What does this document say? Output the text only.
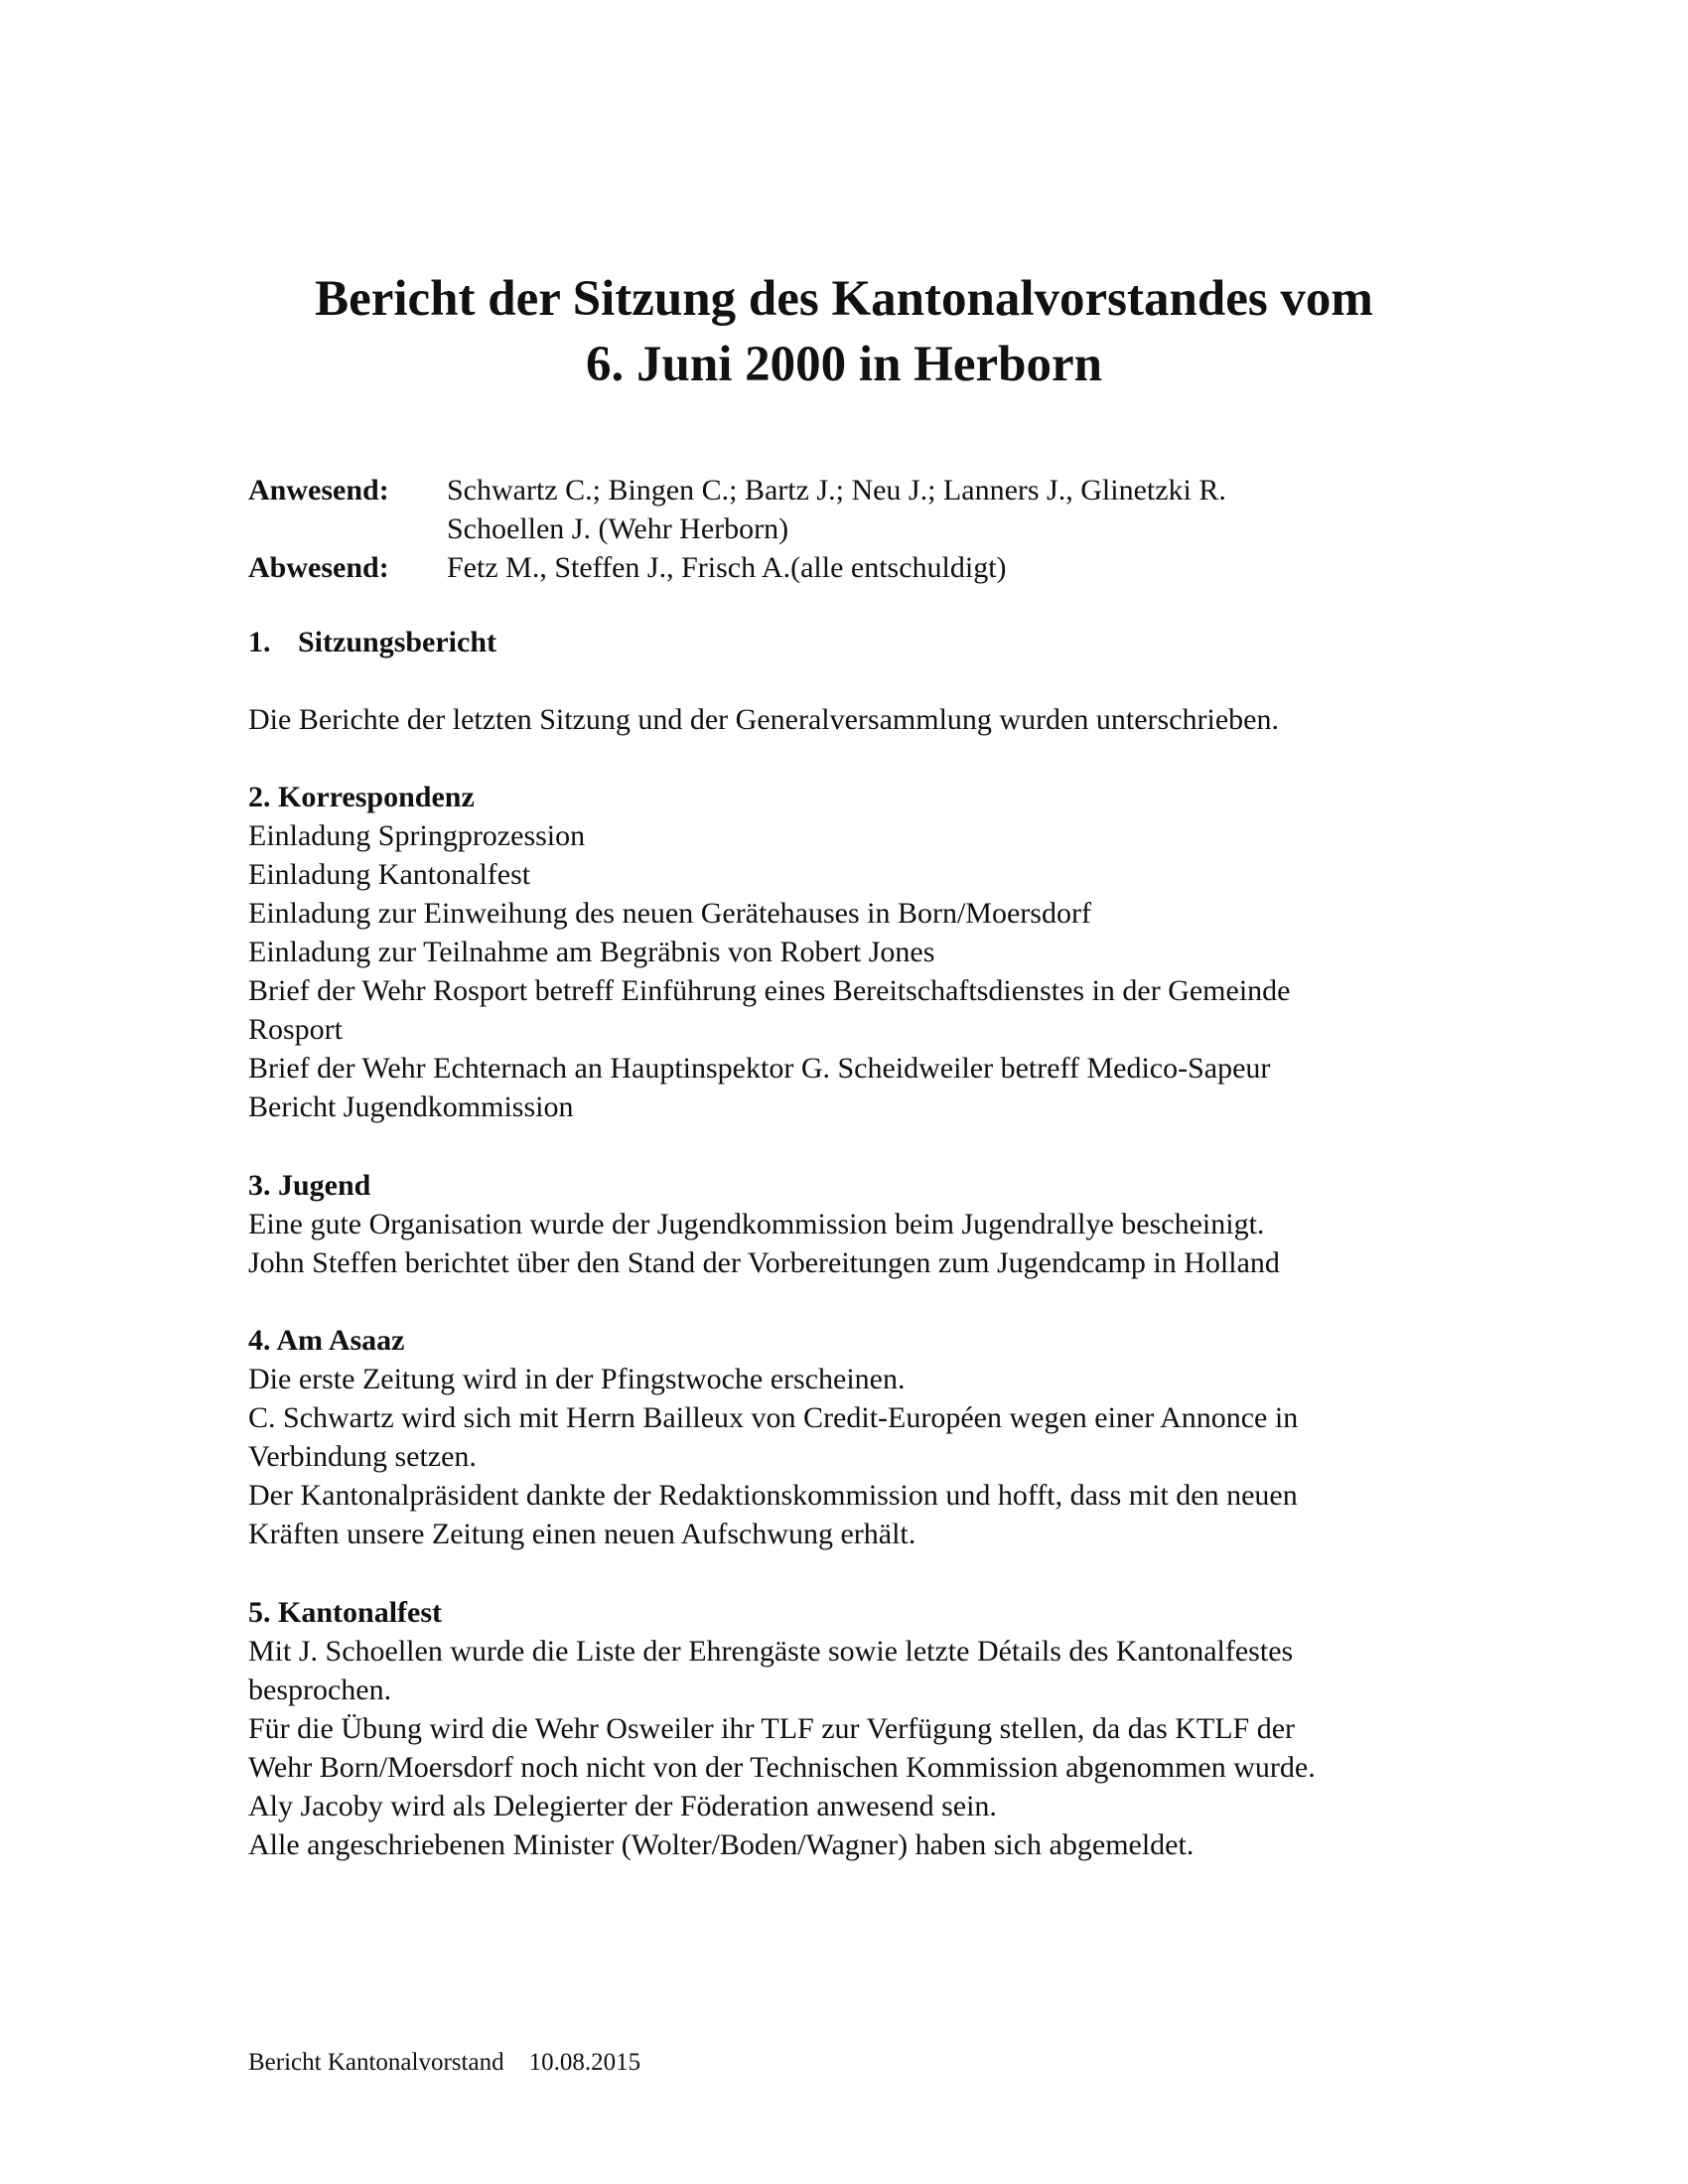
Bericht der Sitzung des Kantonalvorstandes vom
6. Juni 2000 in Herborn
Anwesend:	Schwartz C.; Bingen C.; Bartz J.; Neu J.; Lanners J., Glinetzki R.
Schoellen J. (Wehr Herborn)
Abwesend:	Fetz M., Steffen J., Frisch A.(alle entschuldigt)
1. Sitzungsbericht
Die Berichte der letzten Sitzung und der Generalversammlung wurden unterschrieben.
2. Korrespondenz
Einladung Springprozession
Einladung Kantonalfest
Einladung zur Einweihung des neuen Gerätehauses in Born/Moersdorf
Einladung zur Teilnahme am Begräbnis von Robert Jones
Brief der Wehr Rosport betreff Einführung eines Bereitschaftsdienstes in der Gemeinde
Rosport
Brief der Wehr Echternach an Hauptinspektor G. Scheidweiler betreff Medico-Sapeur
Bericht Jugendkommission
3. Jugend
Eine gute Organisation wurde der Jugendkommission beim Jugendrallye bescheinigt.
John Steffen berichtet über den Stand der Vorbereitungen zum Jugendcamp in Holland
4. Am Asaaz
Die erste Zeitung wird in der Pfingstwoche erscheinen.
C. Schwartz wird sich mit Herrn Bailleux von Credit-Européen wegen einer Annonce in
Verbindung setzen.
Der Kantonalpräsident dankte der Redaktionskommission und hofft, dass mit den neuen
Kräften unsere Zeitung einen neuen Aufschwung erhält.
5. Kantonalfest
Mit J. Schoellen wurde die Liste der Ehrengäste sowie letzte Détails des Kantonalfestes
besprochen.
Für die Übung wird die Wehr Osweiler ihr TLF zur Verfügung stellen, da das KTLF der
Wehr Born/Moersdorf noch nicht von der Technischen Kommission abgenommen wurde.
Aly Jacoby wird als Delegierter der Föderation anwesend sein.
Alle angeschriebenen Minister (Wolter/Boden/Wagner) haben sich abgemeldet.
Bericht Kantonalvorstand    10.08.2015
